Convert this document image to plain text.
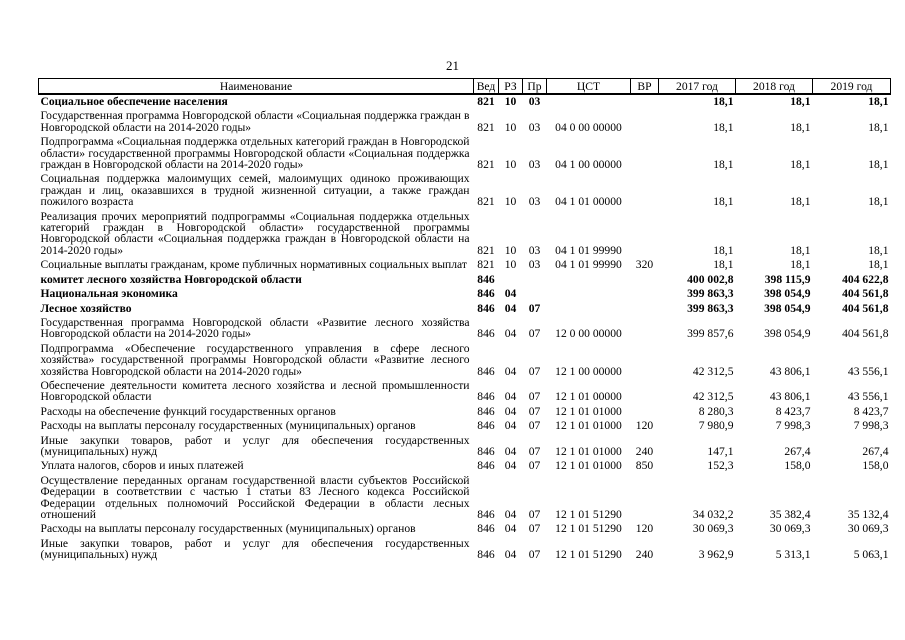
21
Наименование	Вед	РЗ	Пр	ЦСТ	ВР	2017 год	2018 год	2019 год
Социальное обеспечение населения	821	10	03			18,1	18,1	18,1
Государственная программа Новгородской области «Социальная поддержка граждан в Новгородской области на 2014-2020 годы»	821	10	03	04 0 00 00000		18,1	18,1	18,1
Подпрограмма «Социальная поддержка отдельных категорий граждан в Новгородской области» государственной программы Новгородской области «Социальная поддержка граждан в Новгородской области на 2014-2020 годы»	821	10	03	04 1 00 00000		18,1	18,1	18,1
Социальная поддержка малоимущих семей, малоимущих одиноко проживающих граждан и лиц, оказавшихся в трудной жизненной ситуации, а также граждан пожилого возраста	821	10	03	04 1 01 00000		18,1	18,1	18,1
Реализация прочих мероприятий подпрограммы «Социальная поддержка отдельных категорий граждан в Новгородской области» государственной программы Новгородской области «Социальная поддержка граждан в Новгородской области на 2014-2020 годы»	821	10	03	04 1 01 99990		18,1	18,1	18,1
Социальные выплаты гражданам, кроме публичных нормативных социальных выплат	821	10	03	04 1 01 99990	320	18,1	18,1	18,1
комитет лесного хозяйства Новгородской области	846					400 002,8	398 115,9	404 622,8
Национальная экономика	846	04				399 863,3	398 054,9	404 561,8
Лесное хозяйство	846	04	07			399 863,3	398 054,9	404 561,8
Государственная программа Новгородской области «Развитие лесного хозяйства Новгородской области на 2014-2020 годы»	846	04	07	12 0 00 00000		399 857,6	398 054,9	404 561,8
Подпрограмма «Обеспечение государственного управления в сфере лесного хозяйства» государственной программы Новгородской области «Развитие лесного хозяйства Новгородской области на 2014-2020 годы»	846	04	07	12 1 00 00000		42 312,5	43 806,1	43 556,1
Обеспечение деятельности комитета лесного хозяйства и лесной промышленности Новгородской области	846	04	07	12 1 01 00000		42 312,5	43 806,1	43 556,1
Расходы на обеспечение функций государственных органов	846	04	07	12 1 01 01000		8 280,3	8 423,7	8 423,7
Расходы на выплаты персоналу государственных (муниципальных) органов	846	04	07	12 1 01 01000	120	7 980,9	7 998,3	7 998,3
Иные закупки товаров, работ и услуг для обеспечения государственных (муниципальных) нужд	846	04	07	12 1 01 01000	240	147,1	267,4	267,4
Уплата налогов, сборов и иных платежей	846	04	07	12 1 01 01000	850	152,3	158,0	158,0
Осуществление переданных органам государственной власти субъектов Российской Федерации в соответствии с частью 1 статьи 83 Лесного кодекса Российской Федерации отдельных полномочий Российской Федерации в области лесных отношений	846	04	07	12 1 01 51290		34 032,2	35 382,4	35 132,4
Расходы на выплаты персоналу государственных (муниципальных) органов	846	04	07	12 1 01 51290	120	30 069,3	30 069,3	30 069,3
Иные закупки товаров, работ и услуг для обеспечения государственных (муниципальных) нужд	846	04	07	12 1 01 51290	240	3 962,9	5 313,1	5 063,1
